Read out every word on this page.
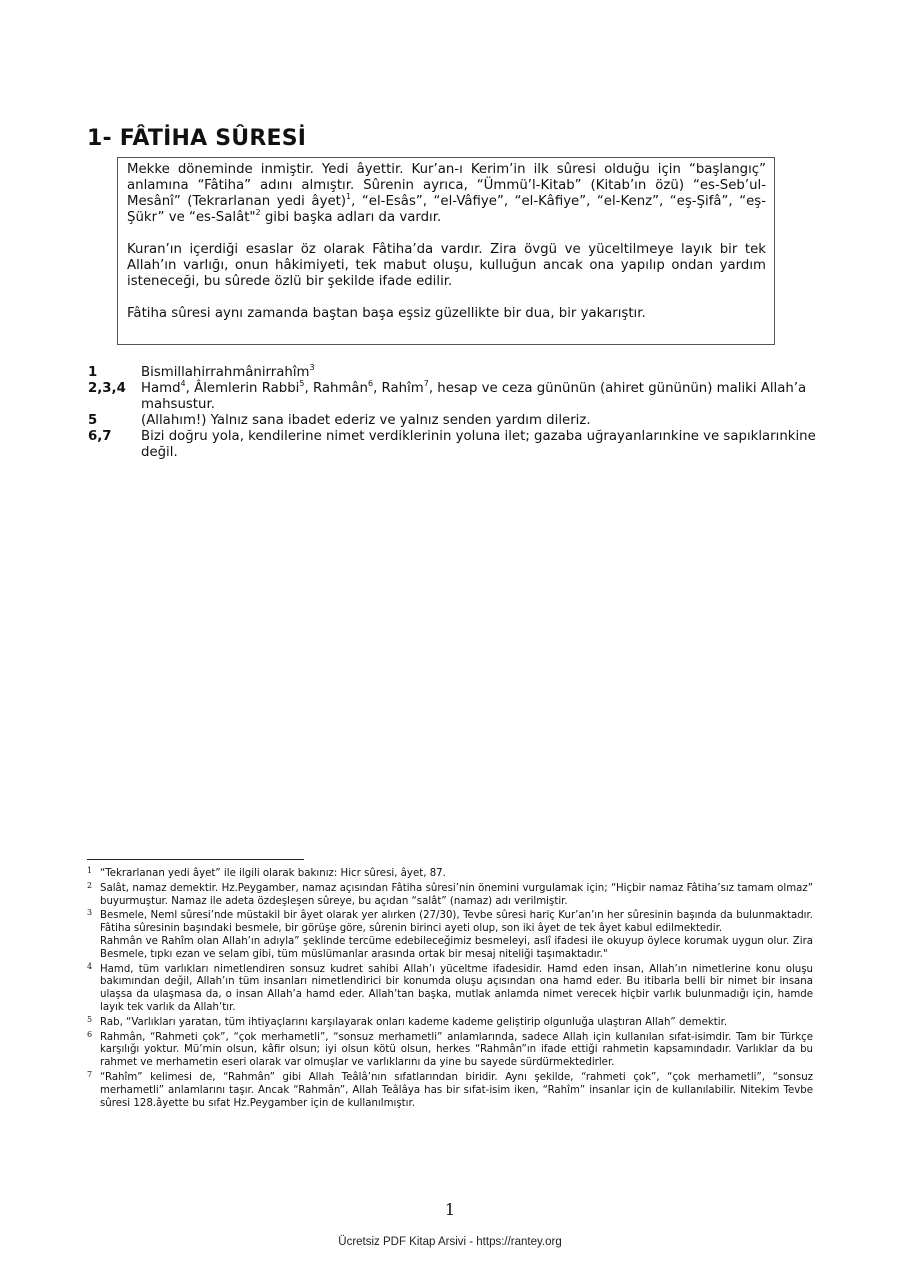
1- FÂTİHA SÛRESİ

Mekke döneminde inmiştir. Yedi âyettir. Kur’an-ı Kerim’in ilk sûresi olduğu için “başlangıç” anlamına “Fâtiha” adını almıştır. Sûrenin ayrıca, “Ümmü’l-Kitab” (Kitab’ın özü) “es-Seb’ul-Mesânî” (Tekrarlanan yedi âyet)$^1$, “el-Esâs”, “el-Vâfiye”, “el-Kâfiye”, “el-Kenz”, “eş-Şifâ”, “eş-Şükr” ve “es-Salât"$^2$ gibi başka adları da vardır.

Kuran’ın içerdiği esaslar öz olarak Fâtiha’da vardır. Zira övgü ve yüceltilmeye layık bir tek Allah’ın varlığı, onun hâkimiyeti, tek mabut oluşu, kulluğun ancak ona yapılıp ondan yardım isteneceği, bu sûrede özlü bir şekilde ifade edilir.

Fâtiha sûresi aynı zamanda baştan başa eşsiz güzellikte bir dua, bir yakarıştır.

1	Bismillahirrahmânirrahîm$^3$
2,3,4	Hamd$^4$, Âlemlerin Rabbi$^5$, Rahmân$^6$, Rahîm$^7$, hesap ve ceza gününün (ahiret gününün) maliki Allah’a mahsustur.
5	(Allahım!) Yalnız sana ibadet ederiz ve yalnız senden yardım dileriz.
6,7	Bizi doğru yola, kendilerine nimet verdiklerinin yoluna ilet; gazaba uğrayanlarınkine ve sapıklarınkine değil.
1 “Tekrarlanan yedi âyet” ile ilgili olarak bakınız: Hicr sûresi, âyet, 87.
2 Salât, namaz demektir. Hz.Peygamber, namaz açısından Fâtiha sûresi’nin önemini vurgulamak için; “Hiçbir namaz Fâtiha’sız tamam olmaz” buyurmuştur. Namaz ile adeta özdeşleşen sûreye, bu açıdan “salât” (namaz) adı verilmiştir.
3 Besmele, Neml sûresi’nde müstakil bir âyet olarak yer alırken (27/30), Tevbe sûresi hariç Kur’an’ın her sûresinin başında da bulunmaktadır. Fâtiha sûresinin başındaki besmele, bir görüşe göre, sûrenin birinci ayeti olup, son iki âyet de tek âyet kabul edilmektedir.
Rahmân ve Rahîm olan Allah’ın adıyla” şeklinde tercüme edebileceğimiz besmeleyi, aslî ifadesi ile okuyup öylece korumak uygun olur. Zira Besmele, tıpkı ezan ve selam gibi, tüm müslümanlar arasında ortak bir mesaj niteliği taşımaktadır."
4 Hamd, tüm varlıkları nimetlendiren sonsuz kudret sahibi Allah’ı yüceltme ifadesidir. Hamd eden insan, Allah’ın nimetlerine konu oluşu bakımından değil, Allah’ın tüm insanları nimetlendirici bir konumda oluşu açısından ona hamd eder. Bu itibarla belli bir nimet bir insana ulaşsa da ulaşmasa da, o insan Allah’a hamd eder. Allah’tan başka, mutlak anlamda nimet verecek hiçbir varlık bulunmadığı için, hamde layık tek varlık da Allah’tır.
5 Rab, “Varlıkları yaratan, tüm ihtiyaçlarını karşılayarak onları kademe kademe geliştirip olgunluğa ulaştıran Allah” demektir.
6 Rahmân, “Rahmeti çok”, “çok merhametli”, “sonsuz merhametli” anlamlarında, sadece Allah için kullanılan sıfat-isimdir. Tam bir Türkçe karşılığı yoktur. Mü’min olsun, kâfir olsun; iyi olsun kötü olsun, herkes “Rahmân”ın ifade ettiği rahmetin kapsamındadır. Varlıklar da bu rahmet ve merhametin eseri olarak var olmuşlar ve varlıklarını da yine bu sayede sürdürmektedirler.
7 “Rahîm” kelimesi de, “Rahmân” gibi Allah Teâlâ’nın sıfatlarından biridir. Aynı şekilde, “rahmeti çok”, “çok merhametli”, “sonsuz merhametli” anlamlarını taşır. Ancak “Rahmân”, Allah Teâlâya has bir sıfat-isim iken, “Rahîm” insanlar için de kullanılabilir. Nitekim Tevbe sûresi 128.âyette bu sıfat Hz.Peygamber için de kullanılmıştır.
1
Ücretsiz PDF Kitap Arsivi - https://rantey.org
